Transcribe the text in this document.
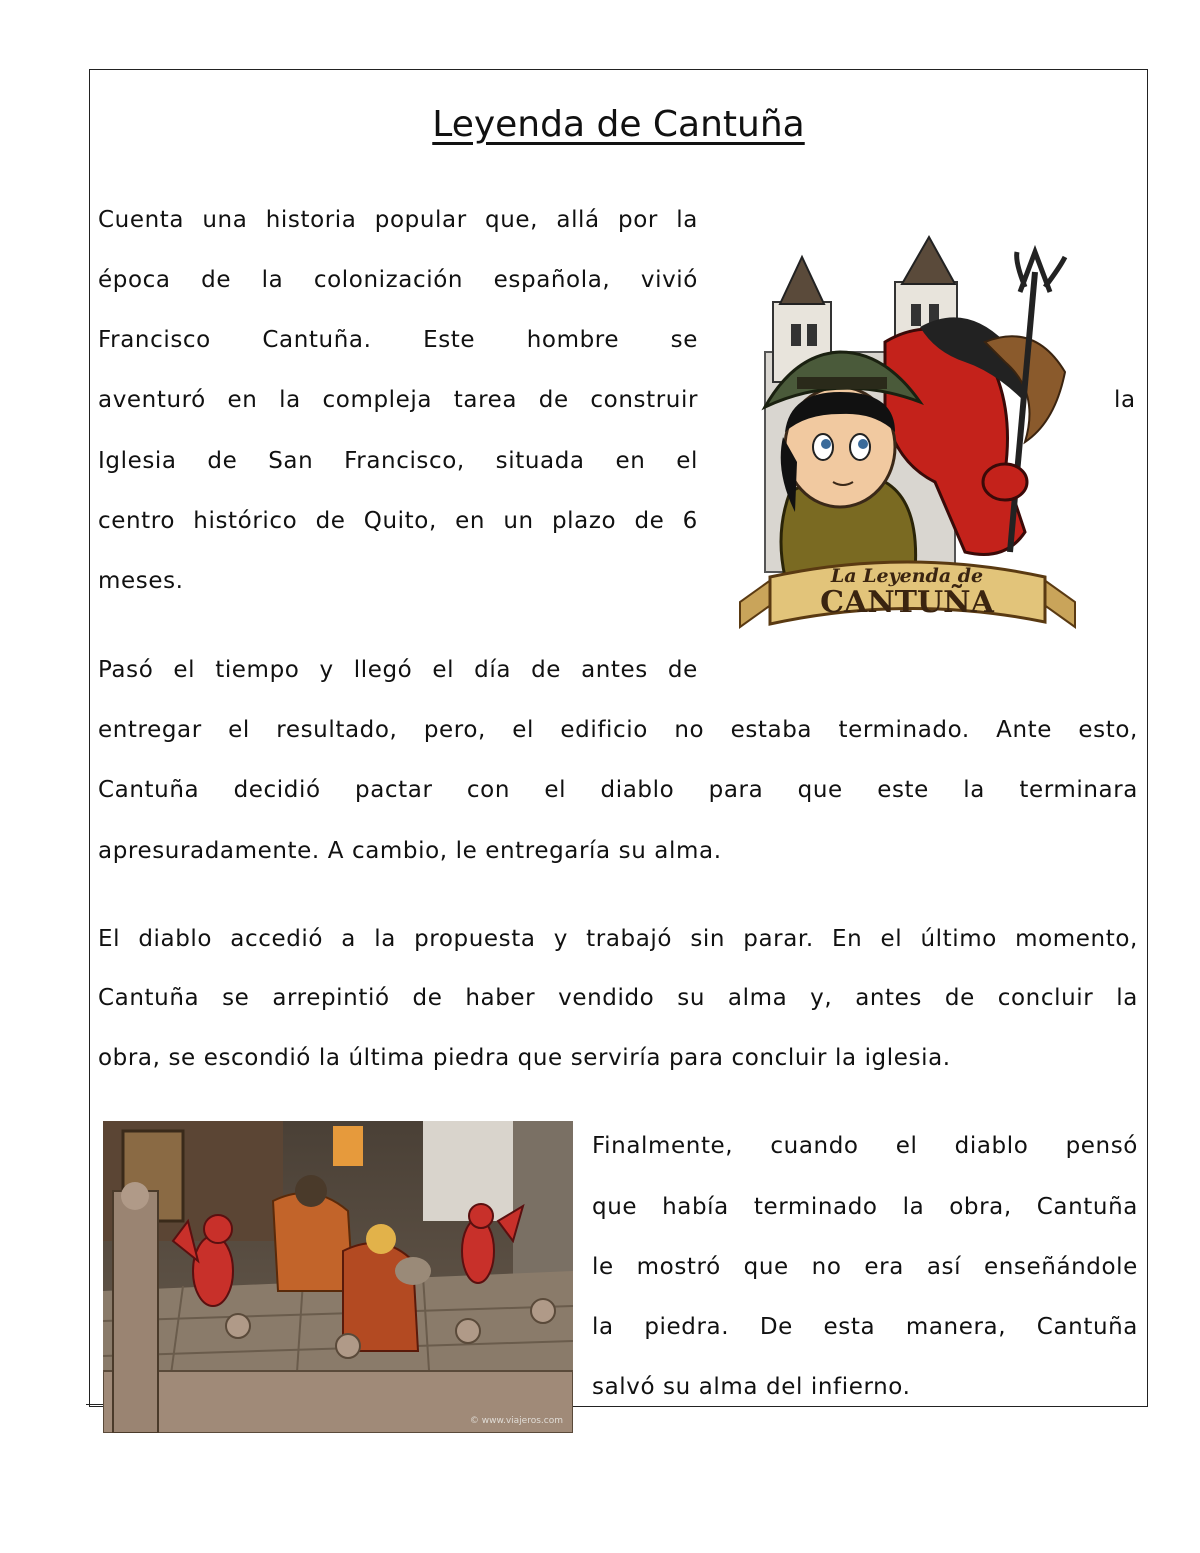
Leyenda de Cantuña
Cuenta una historia popular que, allá por la
época de la colonización española, vivió
Francisco Cantuña. Este hombre se
aventuró en la compleja tarea de construir	la
Iglesia de San Francisco, situada en el
centro histórico de Quito, en un plazo de 6
meses.
Pasó el tiempo y llegó el día de antes de
entregar el resultado, pero, el edificio no estaba terminado. Ante esto,
Cantuña decidió pactar con el diablo para que este la terminara
apresuradamente. A cambio, le entregaría su alma.
El diablo accedió a la propuesta y trabajó sin parar. En el último momento,
Cantuña se arrepintió de haber vendido su alma y, antes de concluir la
obra, se escondió la última piedra que serviría para concluir la iglesia.
Finalmente, cuando el diablo pensó
que había terminado la obra, Cantuña
le mostró que no era así enseñándole
la piedra. De esta manera, Cantuña
salvó su alma del infierno.
La Leyenda de
CANTUÑA
© www.viajeros.com
